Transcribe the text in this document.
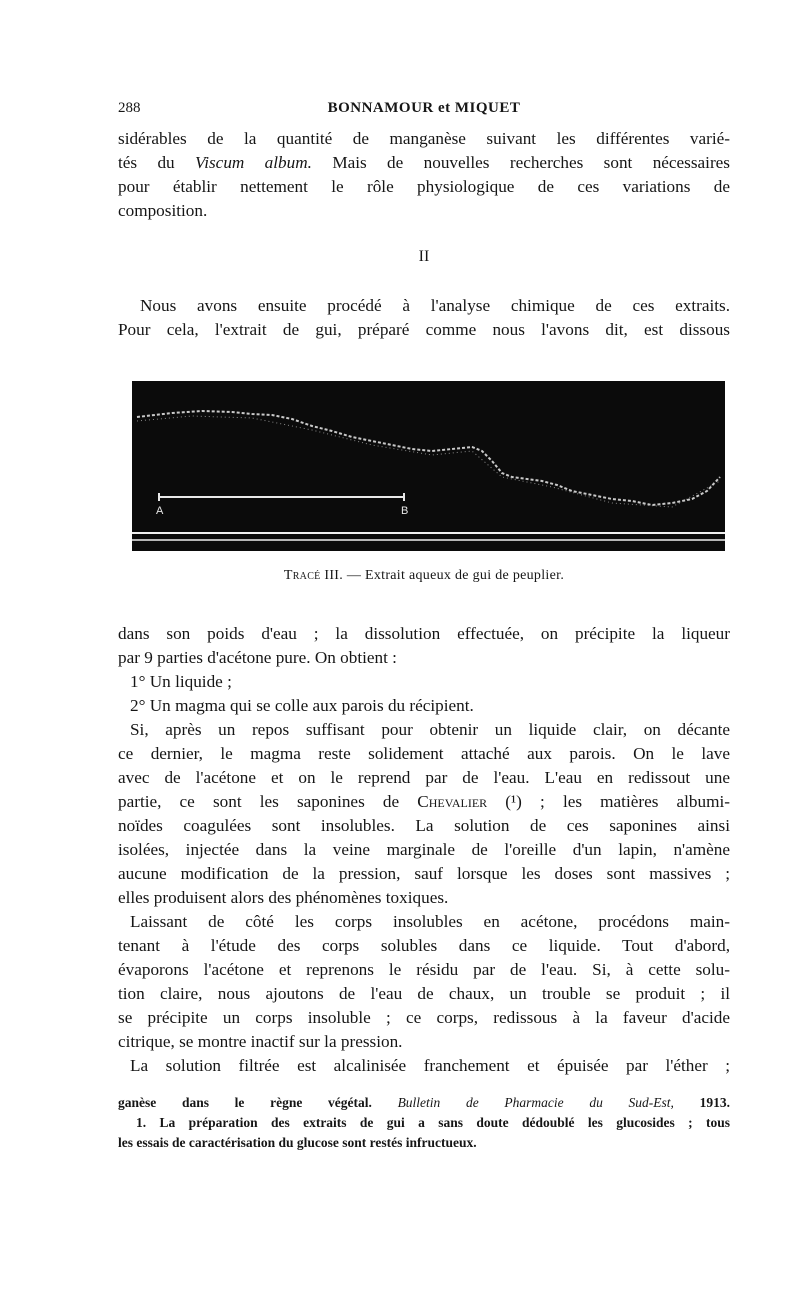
288	BONNAMOUR et MIQUET
sidérables de la quantité de manganèse suivant les différentes varié-
tés du Viscum album. Mais de nouvelles recherches sont nécessaires
pour établir nettement le rôle physiologique de ces variations de
composition.
II
Nous avons ensuite procédé à l'analyse chimique de ces extraits.
Pour cela, l'extrait de gui, préparé comme nous l'avons dit, est dissous
A	B
Tracé III. — Extrait aqueux de gui de peuplier.
dans son poids d'eau ; la dissolution effectuée, on précipite la liqueur
par 9 parties d'acétone pure. On obtient :
1° Un liquide ;
2° Un magma qui se colle aux parois du récipient.
Si, après un repos suffisant pour obtenir un liquide clair, on décante
ce dernier, le magma reste solidement attaché aux parois. On le lave
avec de l'acétone et on le reprend par de l'eau. L'eau en redissout une
partie, ce sont les saponines de Chevalier (¹) ; les matières albumi-
noïdes coagulées sont insolubles. La solution de ces saponines ainsi
isolées, injectée dans la veine marginale de l'oreille d'un lapin, n'amène
aucune modification de la pression, sauf lorsque les doses sont massives ;
elles produisent alors des phénomènes toxiques.
Laissant de côté les corps insolubles en acétone, procédons main-
tenant à l'étude des corps solubles dans ce liquide. Tout d'abord,
évaporons l'acétone et reprenons le résidu par de l'eau. Si, à cette solu-
tion claire, nous ajoutons de l'eau de chaux, un trouble se produit ; il
se précipite un corps insoluble ; ce corps, redissous à la faveur d'acide
citrique, se montre inactif sur la pression.
La solution filtrée est alcalinisée franchement et épuisée par l'éther ;
ganèse dans le règne végétal. Bulletin de Pharmacie du Sud-Est, 1913.
1. La préparation des extraits de gui a sans doute dédoublé les glucosides ; tous
les essais de caractérisation du glucose sont restés infructueux.
